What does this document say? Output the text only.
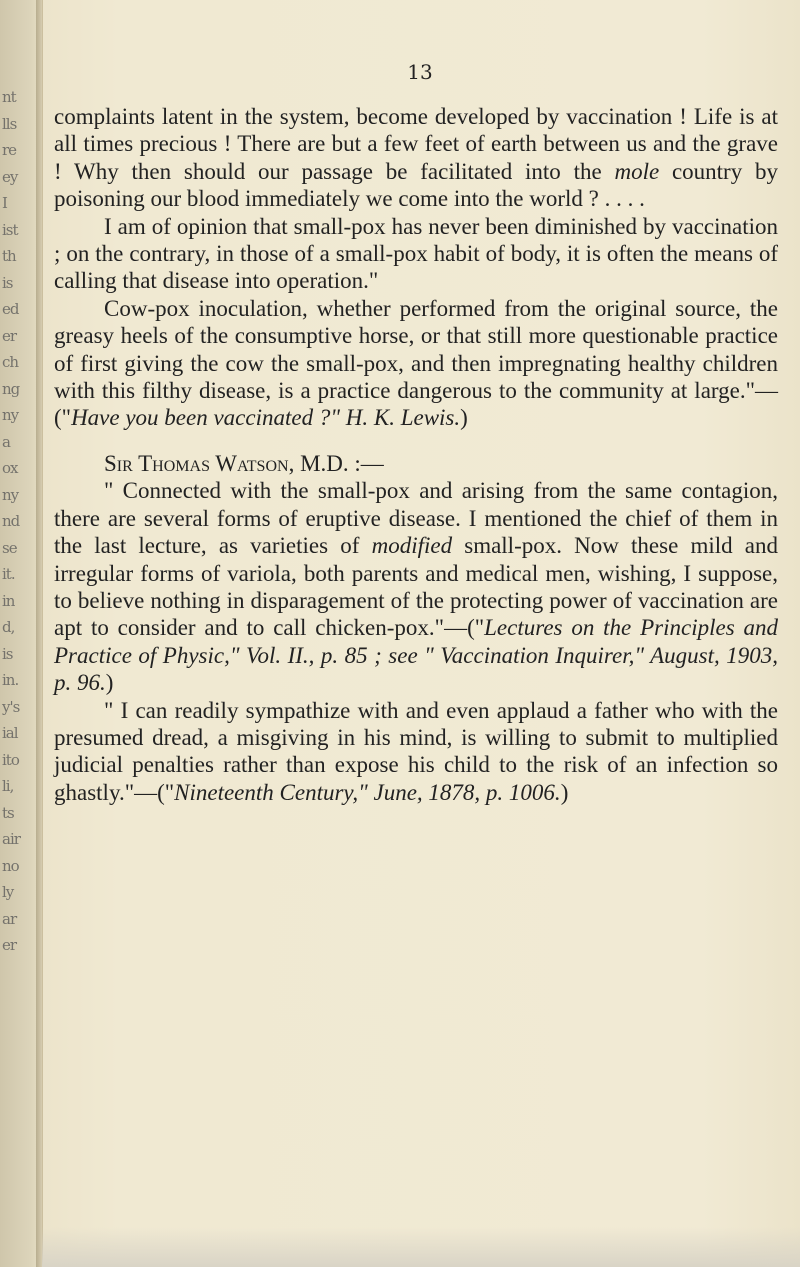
nt
lls
re
ey
I
ist
th
is
ed
er
ch
ng
ny
a
ox
ny
nd
se
it.
in
d,
is
in.
y's
ial
ito
li,
ts
air
no
ly
ar
er
13

complaints latent in the system, become developed by vaccination ! Life is at all times precious ! There are but a few feet of earth between us and the grave ! Why then should our passage be facilitated into the mole country by poisoning our blood immediately we come into the world ? . . . .

I am of opinion that small-pox has never been diminished by vaccination ; on the contrary, in those of a small-pox habit of body, it is often the means of calling that disease into operation."

Cow-pox inoculation, whether performed from the original source, the greasy heels of the consumptive horse, or that still more questionable practice of first giving the cow the small-pox, and then impregnating healthy children with this filthy disease, is a practice dangerous to the community at large."—("Have you been vaccinated ?" H. K. Lewis.)

Sir Thomas Watson, M.D. :—

" Connected with the small-pox and arising from the same contagion, there are several forms of eruptive disease. I mentioned the chief of them in the last lecture, as varieties of modified small-pox. Now these mild and irregular forms of variola, both parents and medical men, wishing, I suppose, to believe nothing in disparagement of the protecting power of vaccination are apt to consider and to call chicken-pox."—("Lectures on the Principles and Practice of Physic," Vol. II., p. 85 ; see " Vaccination Inquirer," August, 1903, p. 96.)

" I can readily sympathize with and even applaud a father who with the presumed dread, a misgiving in his mind, is willing to submit to multiplied judicial penalties rather than expose his child to the risk of an infection so ghastly."—("Nineteenth Century," June, 1878, p. 1006.)
